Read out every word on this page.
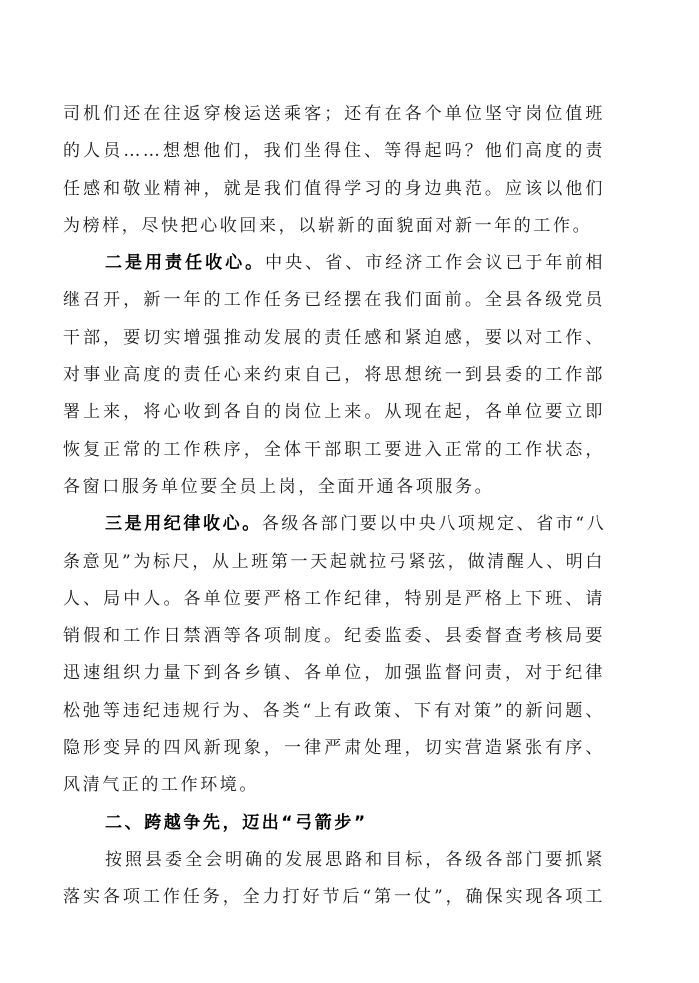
司机们还在往返穿梭运送乘客；还有在各个单位坚守岗位值班
的人员……想想他们，我们坐得住、等得起吗？他们高度的责
任感和敬业精神，就是我们值得学习的身边典范。应该以他们
为榜样，尽快把心收回来，以崭新的面貌面对新一年的工作。
二是用责任收心。中央、省、市经济工作会议已于年前相
继召开，新一年的工作任务已经摆在我们面前。全县各级党员
干部，要切实增强推动发展的责任感和紧迫感，要以对工作、
对事业高度的责任心来约束自己，将思想统一到县委的工作部
署上来，将心收到各自的岗位上来。从现在起，各单位要立即
恢复正常的工作秩序，全体干部职工要进入正常的工作状态，
各窗口服务单位要全员上岗，全面开通各项服务。
三是用纪律收心。各级各部门要以中央八项规定、省市“八
条意见”为标尺，从上班第一天起就拉弓紧弦，做清醒人、明白
人、局中人。各单位要严格工作纪律，特别是严格上下班、请
销假和工作日禁酒等各项制度。纪委监委、县委督查考核局要
迅速组织力量下到各乡镇、各单位，加强监督问责，对于纪律
松弛等违纪违规行为、各类“上有政策、下有对策”的新问题、
隐形变异的四风新现象，一律严肃处理，切实营造紧张有序、
风清气正的工作环境。
二、跨越争先，迈出“弓箭步”
按照县委全会明确的发展思路和目标，各级各部门要抓紧
落实各项工作任务，全力打好节后“第一仗”，确保实现各项工
